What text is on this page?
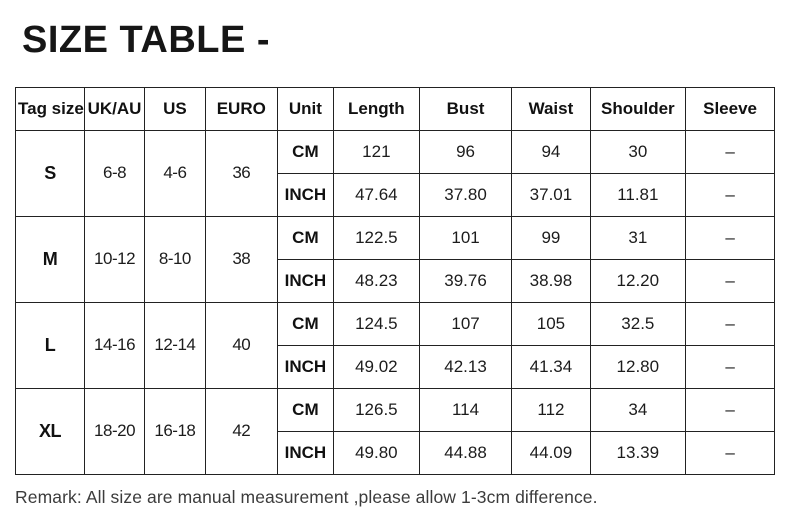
SIZE TABLE -
Tag size	UK/AU	US	EURO	Unit	Length	Bust	Waist	Shoulder	Sleeve
S	6-8	4-6	36	CM	121	96	94	30	–
				INCH	47.64	37.80	37.01	11.81	–
M	10-12	8-10	38	CM	122.5	101	99	31	–
				INCH	48.23	39.76	38.98	12.20	–
L	14-16	12-14	40	CM	124.5	107	105	32.5	–
				INCH	49.02	42.13	41.34	12.80	–
XL	18-20	16-18	42	CM	126.5	114	112	34	–
				INCH	49.80	44.88	44.09	13.39	–

Remark: All size are manual measurement ,please allow 1-3cm difference.
